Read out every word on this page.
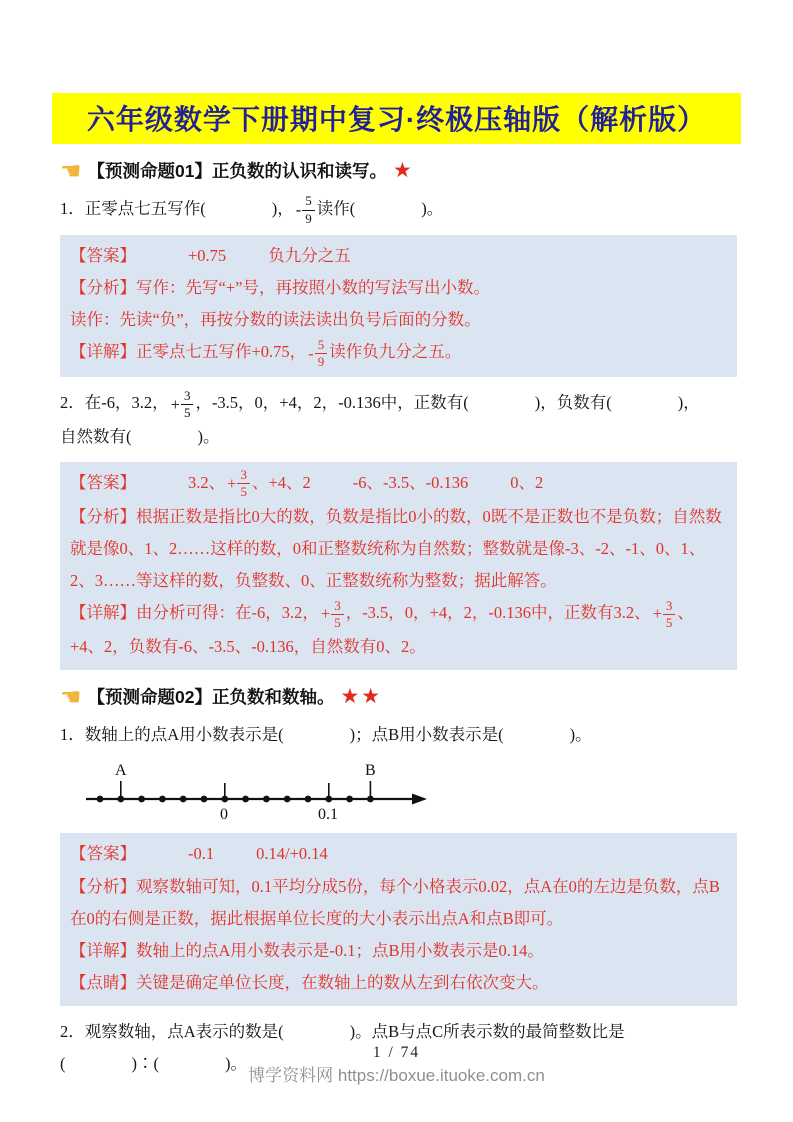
六年级数学下册期中复习·终极压轴版（解析版）
☚ 【预测命题01】正负数的认识和读写。 ★

1．正零点七五写作(　　　　)， - $\frac{5}{9}$ 读作(　　　　)。

【答案】	+0.75	负九分之五
【分析】写作：先写“+”号，再按照小数的写法写出小数。
读作：先读“负”，再按分数的读法读出负号后面的分数。
【详解】正零点七五写作+0.75， - $\frac{5}{9}$ 读作负九分之五。

2．在-6，3.2， + $\frac{3}{5}$ ，-3.5，0，+4，2，-0.136中，正数有(　　　　)，负数有(　　　　)，
自然数有(　　　　)。

【答案】	3.2、 + $\frac{3}{5}$ 、+4、2	-6、-3.5、-0.136	0、2
【分析】根据正数是指比0大的数，负数是指比0小的数，0既不是正数也不是负数；自然数就是像0、1、2……这样的数，0和正整数统称为自然数；整数就是像-3、-2、-1、0、1、2、3……等这样的数，负整数、0、正整数统称为整数；据此解答。
【详解】由分析可得：在-6，3.2， + $\frac{3}{5}$ ，-3.5，0，+4，2，-0.136中，正数有3.2、 + $\frac{3}{5}$ 、+4、2，负数有-6、-3.5、-0.136，自然数有0、2。
☚ 【预测命题02】正负数和数轴。 ★★

1．数轴上的点A用小数表示是(　　　　)；点B用小数表示是(　　　　)。

A	B
0	0.1
【答案】	-0.1	0.14/+0.14
【分析】观察数轴可知，0.1平均分成5份，每个小格表示0.02，点A在0的左边是负数，点B在0的右侧是正数，据此根据单位长度的大小表示出点A和点B即可。
【详解】数轴上的点A用小数表示是-0.1；点B用小数表示是0.14。
【点睛】关键是确定单位长度，在数轴上的数从左到右依次变大。

2．观察数轴，点A表示的数是(　　　　)。点B与点C所表示数的最简整数比是
(　　　　)∶(　　　　)。

1 / 74
博学资料网 https://boxue.ituoke.com.cn
